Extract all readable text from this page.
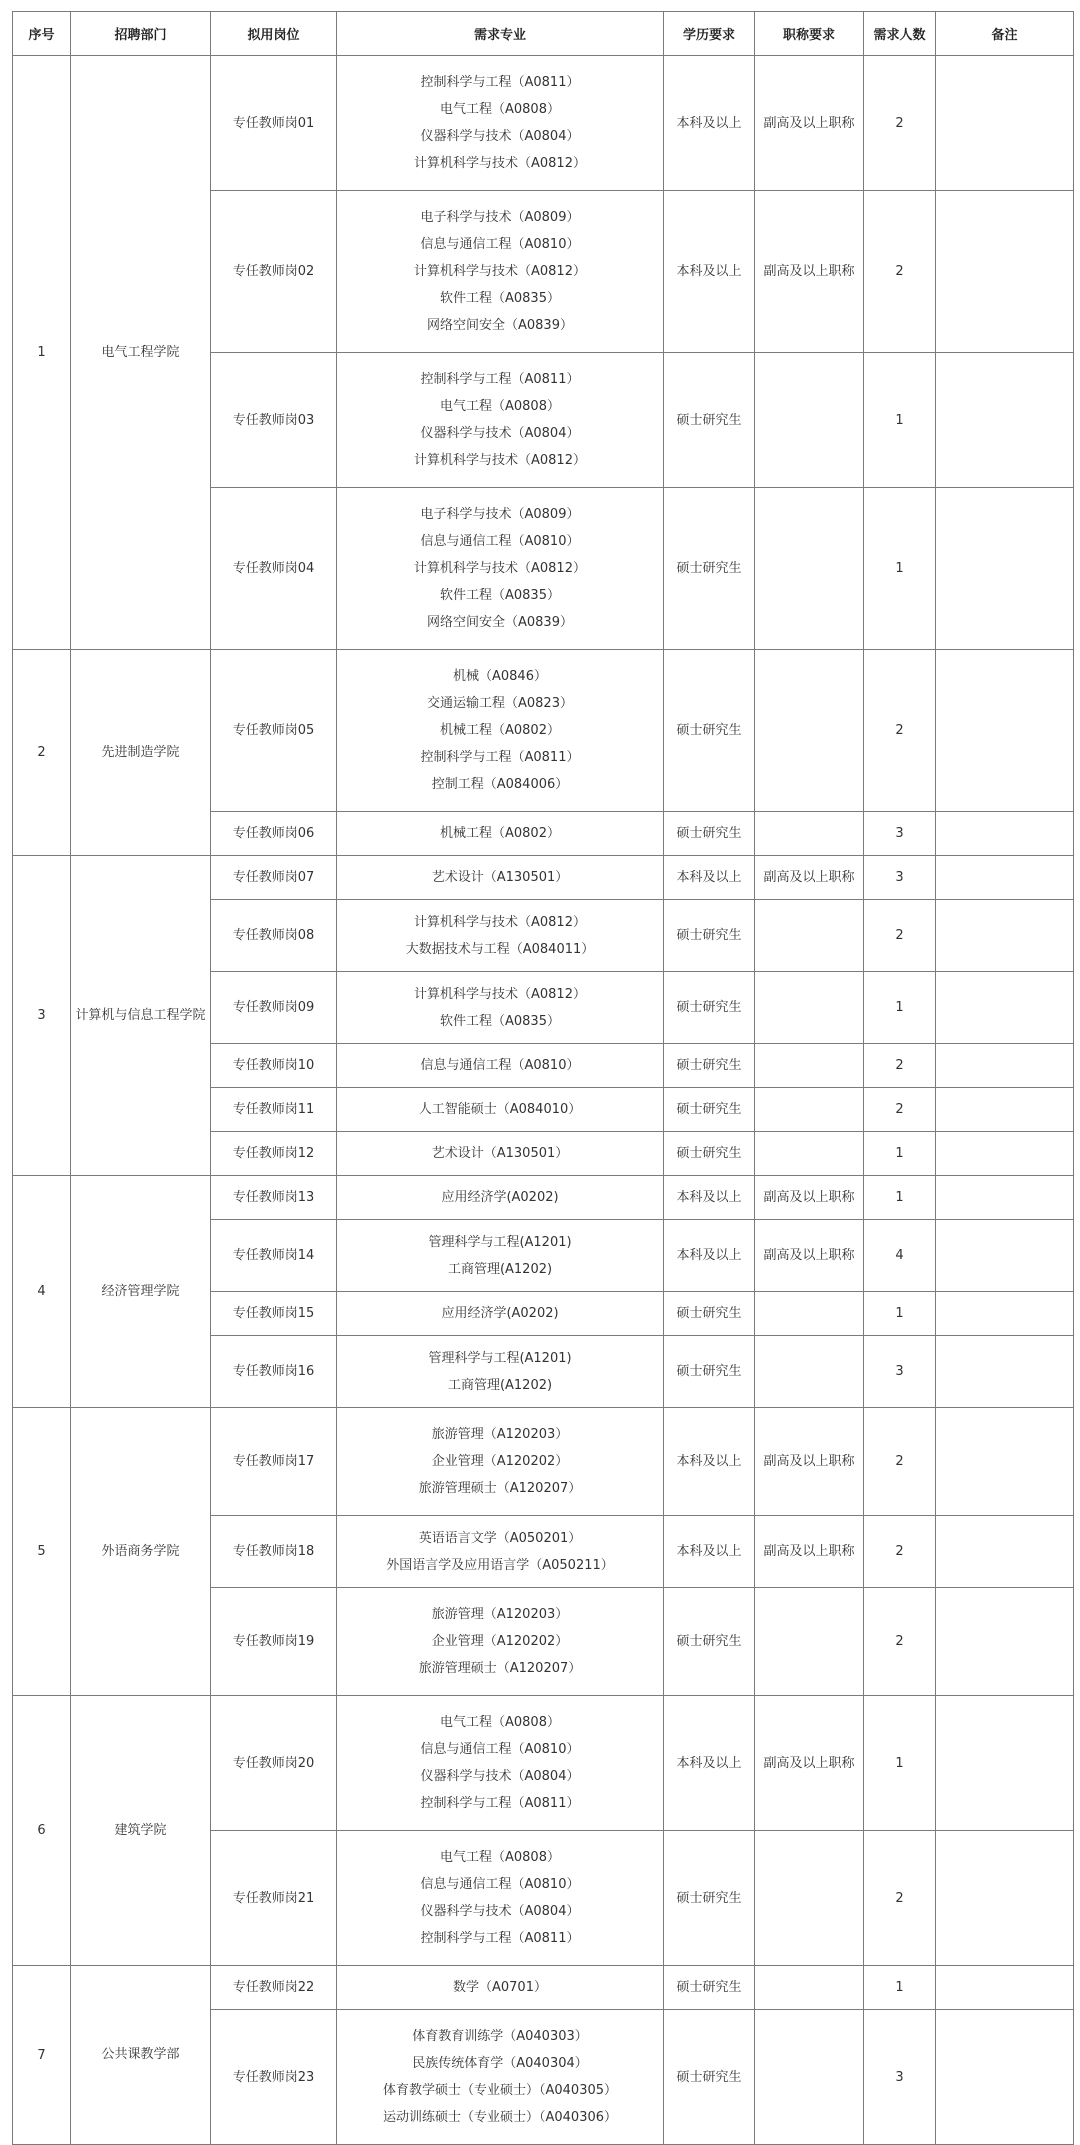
序号	招聘部门	拟用岗位	需求专业	学历要求	职称要求	需求人数	备注
1	电气工程学院	专任教师岗01	控制科学与工程（A0811）
电气工程（A0808）
仪器科学与技术（A0804）
计算机科学与技术（A0812）	本科及以上	副高及以上职称	2	
		专任教师岗02	电子科学与技术（A0809）
信息与通信工程（A0810）
计算机科学与技术（A0812）
软件工程（A0835）
网络空间安全（A0839）	本科及以上	副高及以上职称	2	
		专任教师岗03	控制科学与工程（A0811）
电气工程（A0808）
仪器科学与技术（A0804）
计算机科学与技术（A0812）	硕士研究生		1	
		专任教师岗04	电子科学与技术（A0809）
信息与通信工程（A0810）
计算机科学与技术（A0812）
软件工程（A0835）
网络空间安全（A0839）	硕士研究生		1	
2	先进制造学院	专任教师岗05	机械（A0846）
交通运输工程（A0823）
机械工程（A0802）
控制科学与工程（A0811）
控制工程（A084006）	硕士研究生		2	
		专任教师岗06	机械工程（A0802）	硕士研究生		3	
3	计算机与信息工程学院	专任教师岗07	艺术设计（A130501）	本科及以上	副高及以上职称	3	
		专任教师岗08	计算机科学与技术（A0812）
大数据技术与工程（A084011）	硕士研究生		2	
		专任教师岗09	计算机科学与技术（A0812）
软件工程（A0835）	硕士研究生		1	
		专任教师岗10	信息与通信工程（A0810）	硕士研究生		2	
		专任教师岗11	人工智能硕士（A084010）	硕士研究生		2	
		专任教师岗12	艺术设计（A130501）	硕士研究生		1	
4	经济管理学院	专任教师岗13	应用经济学(A0202)	本科及以上	副高及以上职称	1	
		专任教师岗14	管理科学与工程(A1201)
工商管理(A1202)	本科及以上	副高及以上职称	4	
		专任教师岗15	应用经济学(A0202)	硕士研究生		1	
		专任教师岗16	管理科学与工程(A1201)
工商管理(A1202)	硕士研究生		3	
5	外语商务学院	专任教师岗17	旅游管理（A120203）
企业管理（A120202）
旅游管理硕士（A120207）	本科及以上	副高及以上职称	2	
		专任教师岗18	英语语言文学（A050201）
外国语言学及应用语言学（A050211）	本科及以上	副高及以上职称	2	
		专任教师岗19	旅游管理（A120203）
企业管理（A120202）
旅游管理硕士（A120207）	硕士研究生		2	
6	建筑学院	专任教师岗20	电气工程（A0808）
信息与通信工程（A0810）
仪器科学与技术（A0804）
控制科学与工程（A0811）	本科及以上	副高及以上职称	1	
		专任教师岗21	电气工程（A0808）
信息与通信工程（A0810）
仪器科学与技术（A0804）
控制科学与工程（A0811）	硕士研究生		2	
7	公共课教学部	专任教师岗22	数学（A0701）	硕士研究生		1	
		专任教师岗23	体育教育训练学（A040303）
民族传统体育学（A040304）
体育教学硕士（专业硕士）（A040305）
运动训练硕士（专业硕士）（A040306）	硕士研究生		3	
